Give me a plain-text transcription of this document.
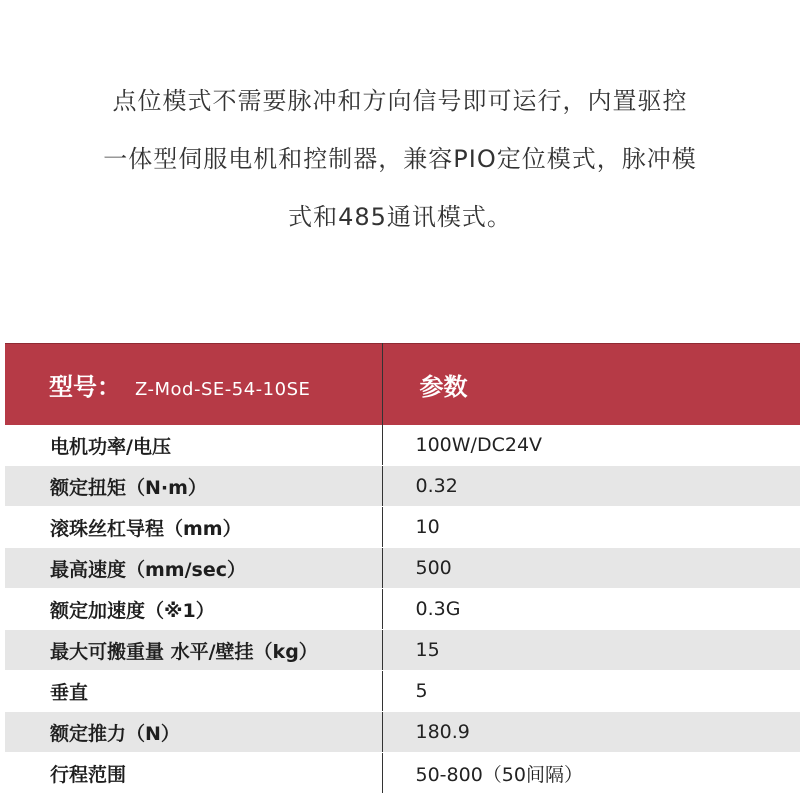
点位模式不需要脉冲和方向信号即可运行，内置驱控
一体型伺服电机和控制器，兼容PIO定位模式，脉冲模
式和485通讯模式。
型号： Z-Mod-SE-54-10SE	参数
电机功率/电压	100W/DC24V
额定扭矩（N·m）	0.32
滚珠丝杠导程（mm）	10
最高速度（mm/sec）	500
额定加速度（※1）	0.3G
最大可搬重量 水平/壁挂（kg）	15
垂直	5
额定推力（N）	180.9
行程范围	50-800（50间隔）
